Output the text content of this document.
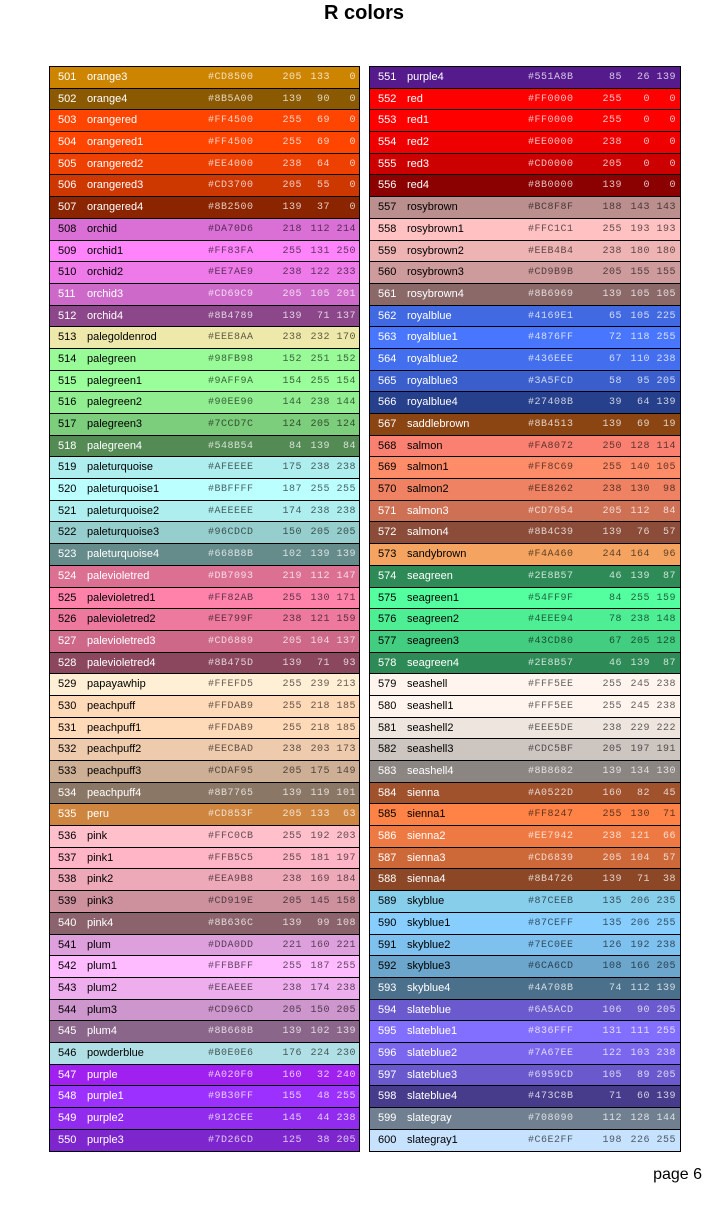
R colors
501 orange3	#CD8500	205 133	0
502 orange4	#8B5A00	139	90	0
503 orangered	#FF4500	255	69	0
504 orangered1	#FF4500	255	69	0
505 orangered2	#EE4000	238	64	0
506 orangered3	#CD3700	205	55	0
507 orangered4	#8B2500	139	37	0
508 orchid	#DA70D6	218 112 214
509 orchid1	#FF83FA	255 131 250
510 orchid2	#EE7AE9	238 122 233
511 orchid3	#CD69C9	205 105 201
512 orchid4	#8B4789	139	71 137
513 palegoldenrod	#EEE8AA	238 232 170
514 palegreen	#98FB98	152 251 152
515 palegreen1	#9AFF9A	154 255 154
516 palegreen2	#90EE90	144 238 144
517 palegreen3	#7CCD7C	124 205 124
518 palegreen4	#548B54	84 139	84
519 paleturquoise	#AFEEEE	175 238 238
520 paleturquoise1	#BBFFFF	187 255 255
521 paleturquoise2	#AEEEEE	174 238 238
522 paleturquoise3	#96CDCD	150 205 205
523 paleturquoise4	#668B8B	102 139 139
524 palevioletred	#DB7093	219 112 147
525 palevioletred1	#FF82AB	255 130 171
526 palevioletred2	#EE799F	238 121 159
527 palevioletred3	#CD6889	205 104 137
528 palevioletred4	#8B475D	139	71	93
529 papayawhip	#FFEFD5	255 239 213
530 peachpuff	#FFDAB9	255 218 185
531 peachpuff1	#FFDAB9	255 218 185
532 peachpuff2	#EECBAD	238 203 173
533 peachpuff3	#CDAF95	205 175 149
534 peachpuff4	#8B7765	139 119 101
535 peru	#CD853F	205 133	63
536 pink	#FFC0CB	255 192 203
537 pink1	#FFB5C5	255 181 197
538 pink2	#EEA9B8	238 169 184
539 pink3	#CD919E	205 145 158
540 pink4	#8B636C	139	99 108
541 plum	#DDA0DD	221 160 221
542 plum1	#FFBBFF	255 187 255
543 plum2	#EEAEEE	238 174 238
544 plum3	#CD96CD	205 150 205
545 plum4	#8B668B	139 102 139
546 powderblue	#B0E0E6	176 224 230
547 purple	#A020F0	160	32 240
548 purple1	#9B30FF	155	48 255
549 purple2	#912CEE	145	44 238
550 purple3	#7D26CD	125	38 205
551 purple4	#551A8B	85	26 139
552 red	#FF0000	255	0	0
553 red1	#FF0000	255	0	0
554 red2	#EE0000	238	0	0
555 red3	#CD0000	205	0	0
556 red4	#8B0000	139	0	0
557 rosybrown	#BC8F8F	188 143 143
558 rosybrown1	#FFC1C1	255 193 193
559 rosybrown2	#EEB4B4	238 180 180
560 rosybrown3	#CD9B9B	205 155 155
561 rosybrown4	#8B6969	139 105 105
562 royalblue	#4169E1	65 105 225
563 royalblue1	#4876FF	72 118 255
564 royalblue2	#436EEE	67 110 238
565 royalblue3	#3A5FCD	58	95 205
566 royalblue4	#27408B	39	64 139
567 saddlebrown	#8B4513	139	69	19
568 salmon	#FA8072	250 128 114
569 salmon1	#FF8C69	255 140 105
570 salmon2	#EE8262	238 130	98
571 salmon3	#CD7054	205 112	84
572 salmon4	#8B4C39	139	76	57
573 sandybrown	#F4A460	244 164	96
574 seagreen	#2E8B57	46 139	87
575 seagreen1	#54FF9F	84 255 159
576 seagreen2	#4EEE94	78 238 148
577 seagreen3	#43CD80	67 205 128
578 seagreen4	#2E8B57	46 139	87
579 seashell	#FFF5EE	255 245 238
580 seashell1	#FFF5EE	255 245 238
581 seashell2	#EEE5DE	238 229 222
582 seashell3	#CDC5BF	205 197 191
583 seashell4	#8B8682	139 134 130
584 sienna	#A0522D	160	82	45
585 sienna1	#FF8247	255 130	71
586 sienna2	#EE7942	238 121	66
587 sienna3	#CD6839	205 104	57
588 sienna4	#8B4726	139	71	38
589 skyblue	#87CEEB	135 206 235
590 skyblue1	#87CEFF	135 206 255
591 skyblue2	#7EC0EE	126 192 238
592 skyblue3	#6CA6CD	108 166 205
593 skyblue4	#4A708B	74 112 139
594 slateblue	#6A5ACD	106	90 205
595 slateblue1	#836FFF	131 111 255
596 slateblue2	#7A67EE	122 103 238
597 slateblue3	#6959CD	105	89 205
598 slateblue4	#473C8B	71	60 139
599 slategray	#708090	112 128 144
600 slategray1	#C6E2FF	198 226 255
page 6
